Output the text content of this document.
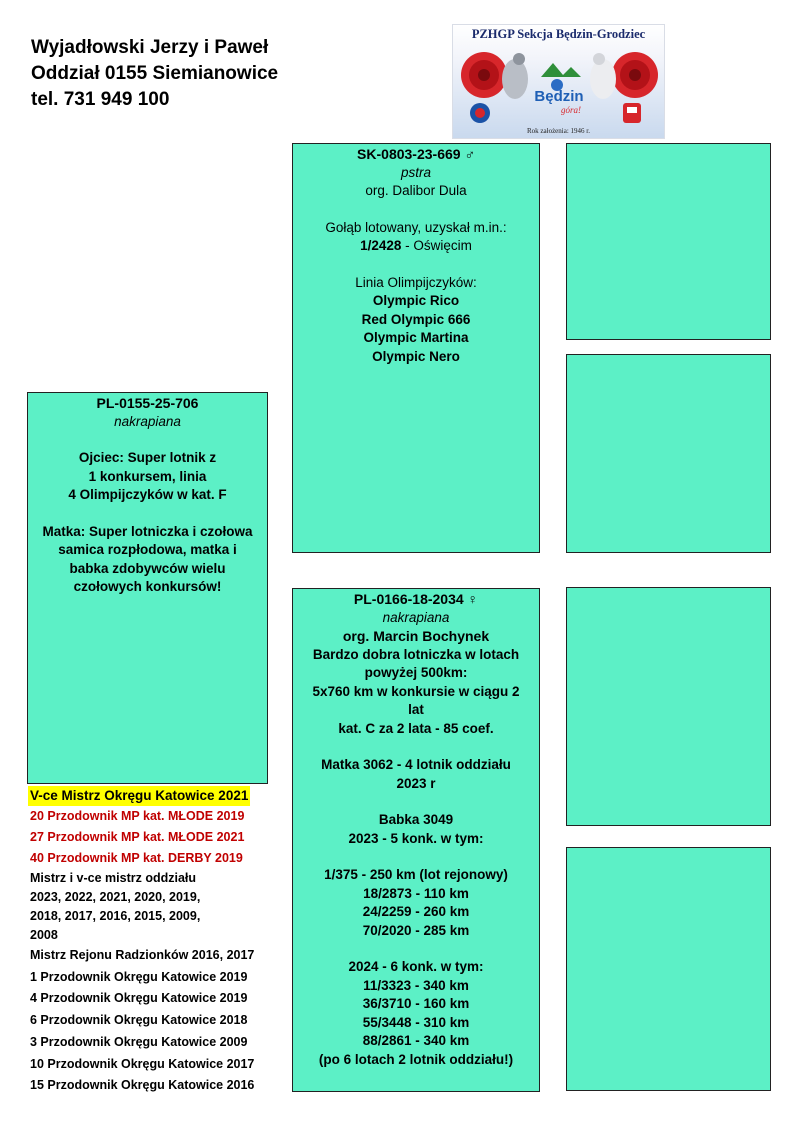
Wyjadłowski Jerzy i Paweł
Oddział 0155 Siemianowice
tel. 731 949 100
PZHGP Sekcja Będzin-Grodziec
Będzin
góra!
Rok założenia: 1946 r.
SK-0803-23-669 ♂
pstra
org. Dalibor Dula
Gołąb lotowany, uzyskał m.in.:
1/2428 - Oświęcim
Linia Olimpijczyków:
Olympic Rico
Red Olympic 666
Olympic Martina
Olympic Nero
PL-0155-25-706
nakrapiana
Ojciec: Super lotnik z
1 konkursem, linia
4 Olimpijczyków w kat. F
Matka: Super lotniczka i czołowa
samica rozpłodowa, matka i
babka zdobywców wielu
czołowych konkursów!
PL-0166-18-2034 ♀
nakrapiana
org. Marcin Bochynek
Bardzo dobra lotniczka w lotach
powyżej 500km:
5x760 km w konkursie w ciągu 2
lat
kat. C za 2 lata - 85 coef.
Matka 3062 - 4 lotnik oddziału
2023 r
Babka 3049
2023 - 5 konk. w tym:
1/375 - 250 km (lot rejonowy)
18/2873 - 110 km
24/2259 - 260 km
70/2020 - 285 km
2024 - 6 konk. w tym:
11/3323 - 340 km
36/3710 - 160 km
55/3448 - 310 km
88/2861 - 340 km
(po 6 lotach 2 lotnik oddziału!)
V-ce Mistrz Okręgu Katowice 2021
20 Przodownik MP kat. MŁODE 2019
27 Przodownik MP kat. MŁODE 2021
40 Przodownik MP kat. DERBY 2019
Mistrz i v-ce mistrz oddziału
2023, 2022, 2021, 2020, 2019,
2018, 2017, 2016, 2015, 2009,
2008
Mistrz Rejonu Radzionków 2016, 2017
1 Przodownik Okręgu Katowice 2019
4 Przodownik Okręgu Katowice 2019
6 Przodownik Okręgu Katowice 2018
3 Przodownik Okręgu Katowice 2009
10 Przodownik Okręgu Katowice 2017
15 Przodownik Okręgu Katowice 2016
